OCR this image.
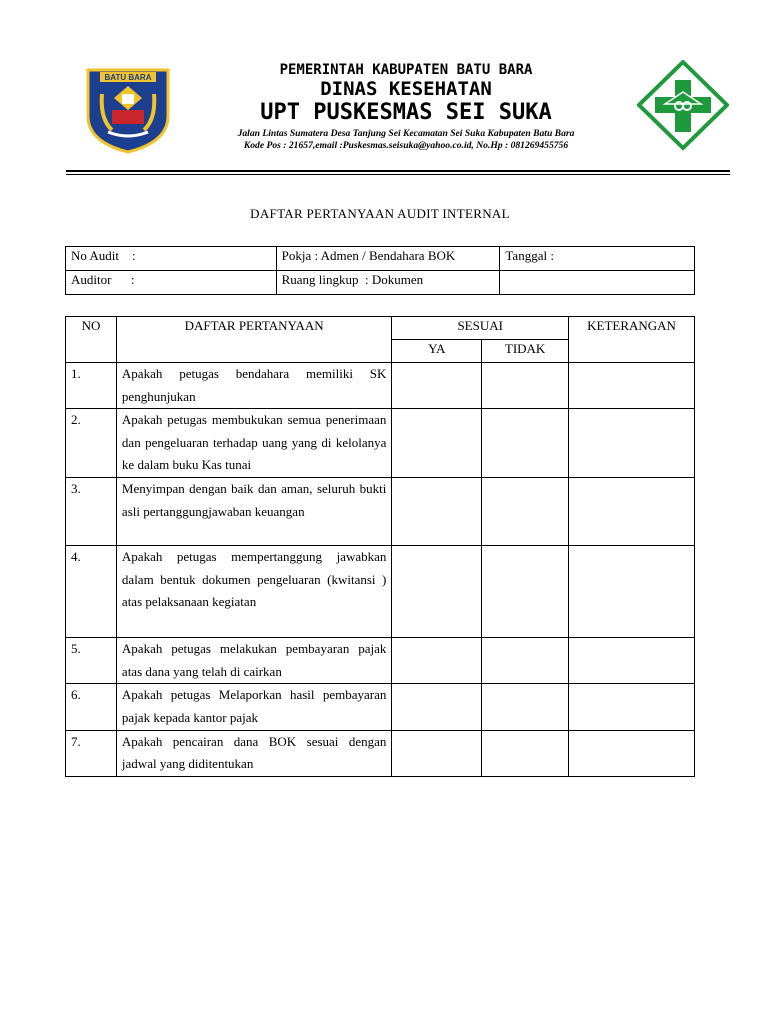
BATU BARA	PEMERINTAH KABUPATEN BATU BARA
DINAS KESEHATAN
UPT PUSKESMAS SEI SUKA
Jalan Lintas Sumatera Desa Tanjung Sei Kecamatan Sei Suka Kabupaten Batu Bara
Kode Pos : 21657,email :Puskesmas.seisuka@yahoo.co.id, No.Hp : 081269455756
DAFTAR PERTANYAAN AUDIT INTERNAL
No Audit    :	Pokja : Admen / Bendahara BOK	Tanggal :
Auditor      :	Ruang lingkup  : Dokumen	
NO	DAFTAR PERTANYAAN	SESUAI		KETERANGAN
		YA	TIDAK	
1.	Apakah petugas bendahara memiliki SK penghunjukan			
2.	Apakah petugas membukukan semua penerimaan dan pengeluaran terhadap uang yang di kelolanya ke dalam buku Kas tunai			
3.	Menyimpan dengan baik dan aman, seluruh bukti asli pertanggungjawaban keuangan			
4.	Apakah petugas mempertanggung jawabkan dalam bentuk dokumen pengeluaran (kwitansi ) atas pelaksanaan kegiatan			
5.	Apakah petugas melakukan pembayaran pajak atas dana yang telah di cairkan			
6.	Apakah petugas Melaporkan hasil pembayaran pajak kepada kantor pajak			
7.	Apakah pencairan dana BOK sesuai dengan jadwal yang diditentukan			
